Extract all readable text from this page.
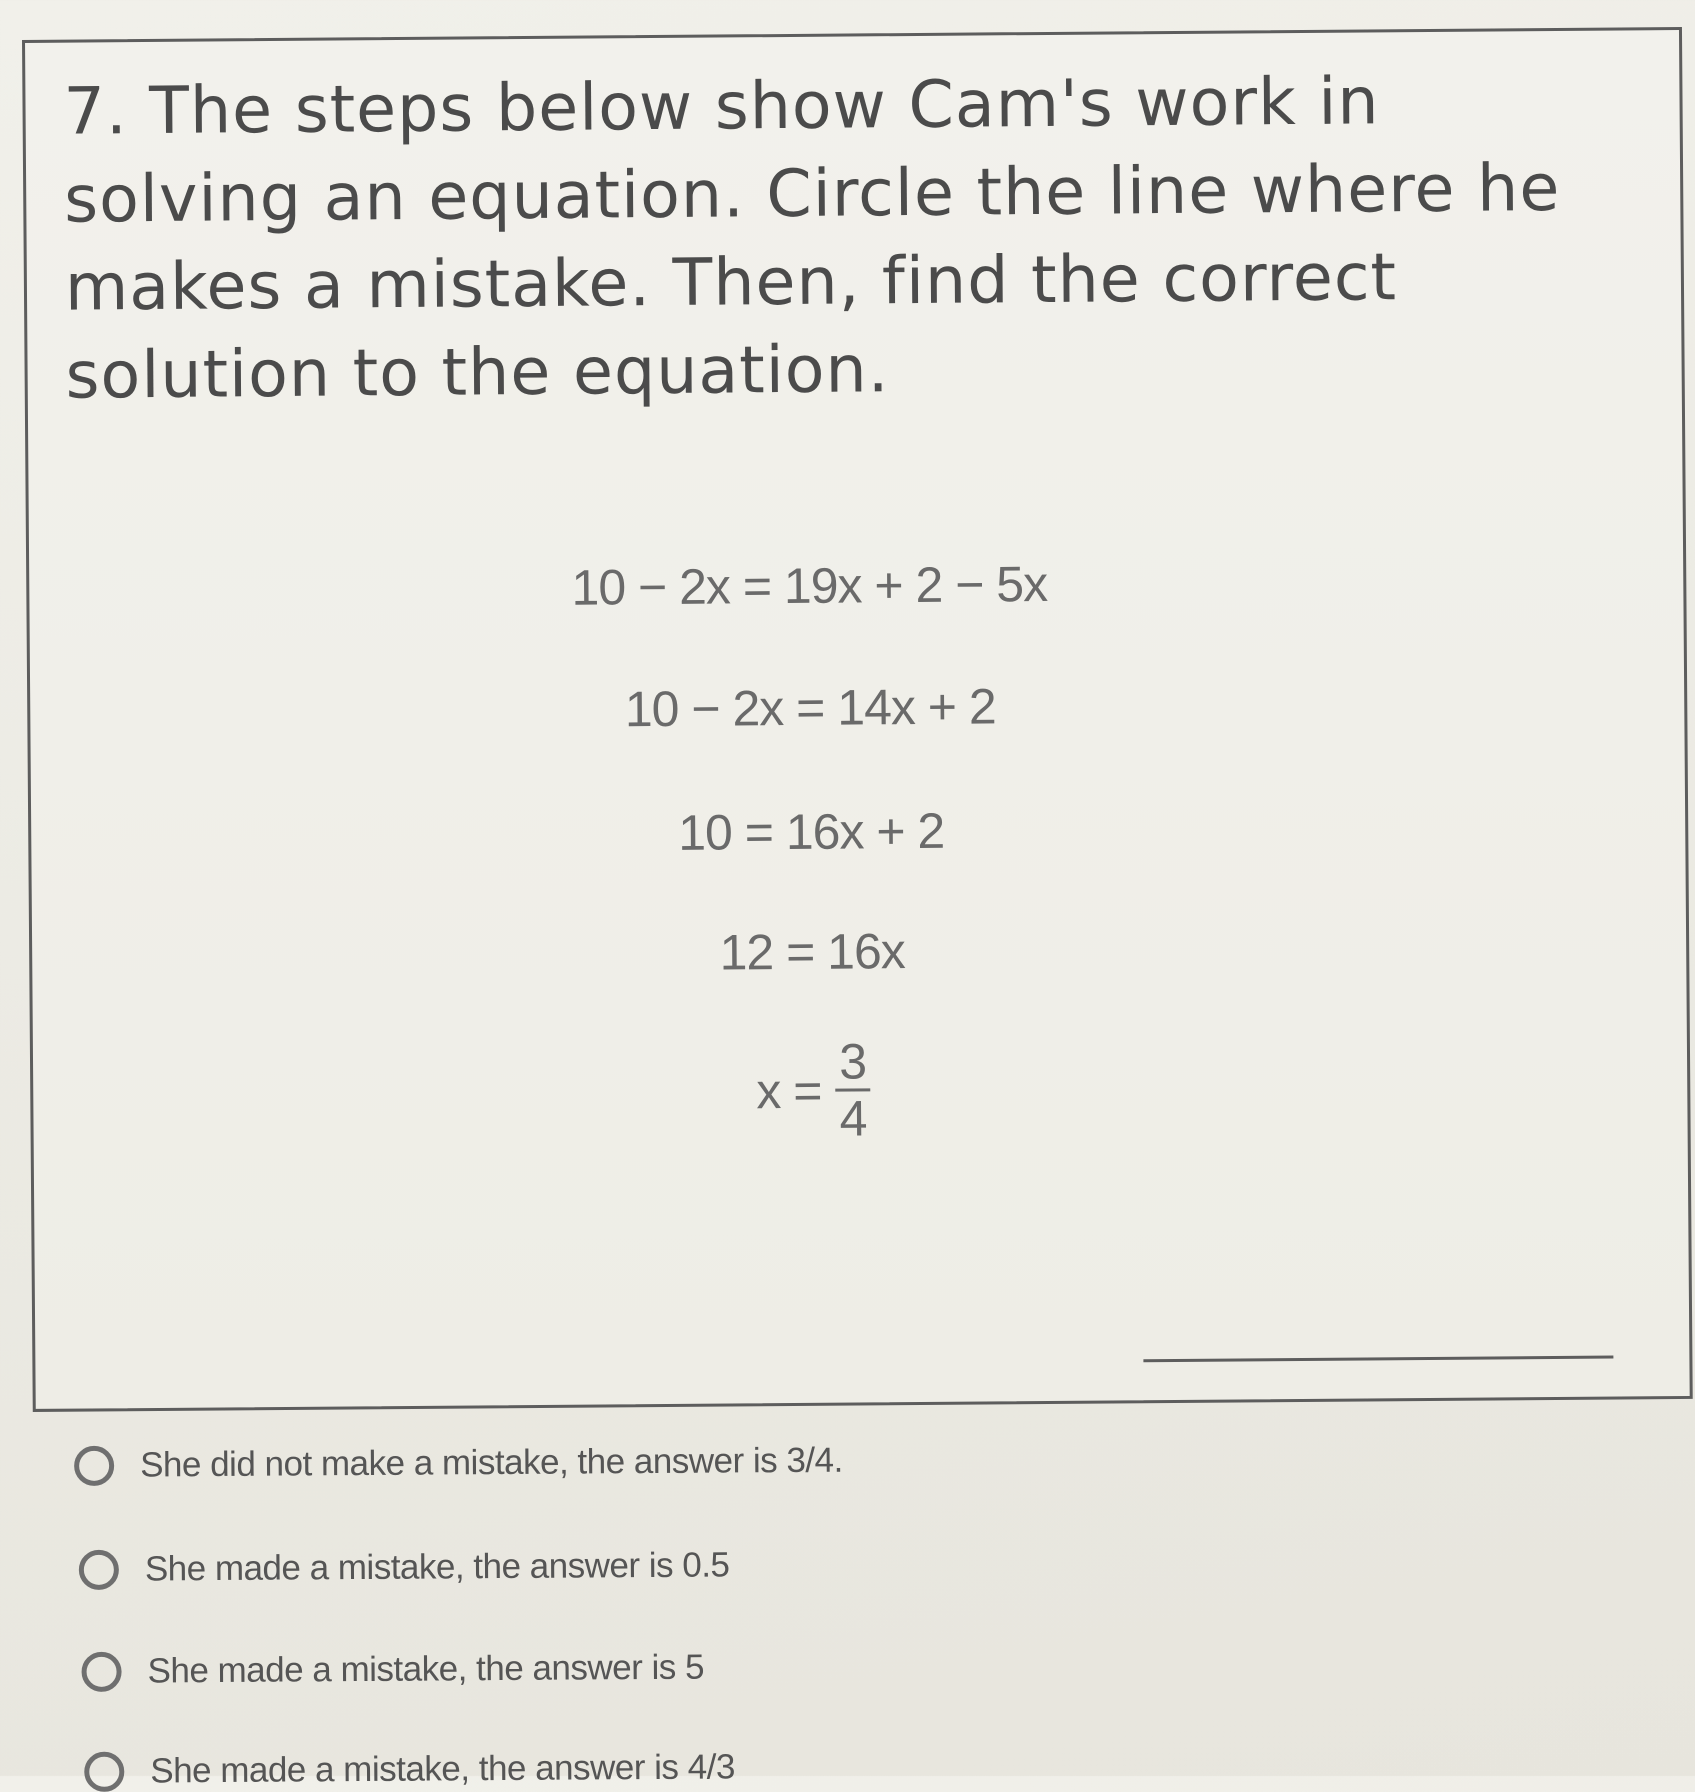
7. The steps below show Cam's work in solving an equation. Circle the line where he makes a mistake. Then, find the correct solution to the equation.

10 − 2x = 19x + 2 − 5x
10 − 2x = 14x + 2
10 = 16x + 2
12 = 16x
$x = \frac{3}{4}$
She did not make a mistake, the answer is 3/4.
She made a mistake, the answer is 0.5
She made a mistake, the answer is 5
She made a mistake, the answer is 4/3
